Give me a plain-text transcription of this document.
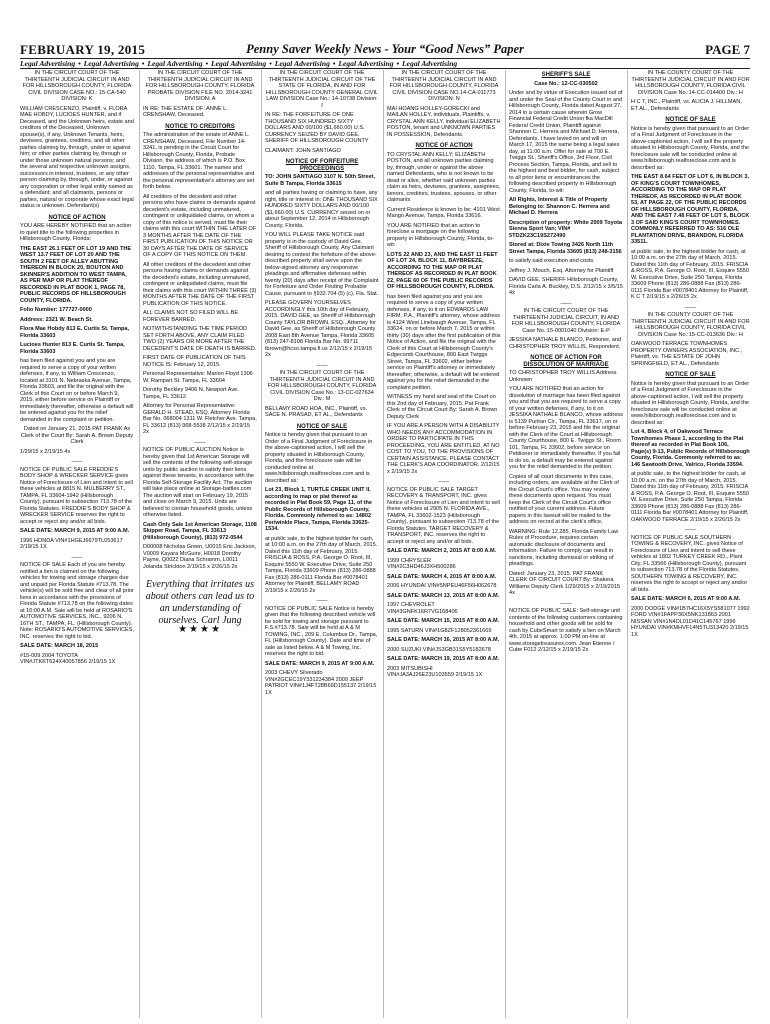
FEBRUARY 19, 2015	Penny Saver Weekly News - Your “Good News” Paper	PAGE 7
Legal Advertising • Legal Advertising • Legal Advertising • Legal Advertising • Legal Advertising • Legal Advertising • Legal Advertising

IN THE CIRCUIT COURT OF THE THIRTEENTH JUDICIAL CIRCUIT IN AND FOR HILLSBOROUGH COUNTY, FLORIDA CIVIL DIVISION CASE NO.: 15-CA-540 DIVISION: K

WILLIAM CRESCENZO, Plaintiff, v. FLORA MAE HOBDY, LUCIOES HUNTER, and if Deceased, and the Unknown heirs, estate and creditors of the Deceased, Unknown spouse(s), if any, Unknown Tenants, heirs, devisees, grantees, creditors, and all other parties claiming by, through, under or against him; or other parties claiming by, through or under those unknown natural persons; and the several and respective unknown assigns, successors in interest, trustees, or any other person claiming by, through, under, or against any corporation or other legal entity named as a defendant; and all claimants, persons or parties, natural or corporate whose exact legal status is unknown. Defendant(s)

NOTICE OF ACTION

YOU ARE HEREBY NOTIFIED that an action to quiet title to the following properties in Hillsborough County, Florida:

THE EAST 26.1 FEET OF LOT 19 AND THE WEST 13.7 FEET OF LOT 20 AND THE SOUTH 2 FEET OF ALLEY ABUTTING THEREON IN BLOCK 20, BOUTON AND SKINNER'S ADDITION TO WEST TAMPA, AS PER MAP OR PLAT THEREOF RECORDED IN PLAT BOOK 1, PAGE 78, PUBLIC RECORDS OF HILLSBOROUGH COUNTY, FLORIDA.

Folio Number: 177727-0000

Address: 2321 W. Beach St.

Flora Mae Hobdy 813 E. Curtis St. Tampa, Florida 33603

Lucioes Hunter 813 E. Curtis St. Tampa, Florida 33603

has been filed against you and you are required to serve a copy of your written defenses, if any, to William Crescenzo, located at 3101 N. Nebraska Avenue, Tampa, Florida 33603, and file the original with the Clerk of this Court on or before March 9, 2015, either before service on Plaintiff or immediately thereafter, otherwise a default will be entered against you for the relief demanded in the complaint or petition.

Dated on January 21, 2015 PAT FRANK As Clerk of the Court By: Sarah A. Brown Deputy Clerk

1/29/15 x 2/19/15 4x

——

NOTICE OF PUBLIC SALE FREDDIE'S BODY SHOP & WRECKER SERVICE gives Notice of Foreclosure of Lien and intent to sell these vehicles at 8815 N. MULBERRY ST., TAMPA, FL 33604-1942 (Hillsborough County), pursuant to subsection 713.78 of the Florida Statutes. FREDDIE'S BODY SHOP & WRECKER SERVICE reserves the right to accept or reject any and/or all bids.

SALE DATE: MARCH 9, 2015 AT 9:00 A.M.

1996 HONDA VIN#1HGEJ6679TL053617 2/19/15 1X

——

NOTICE OF SALE Each of you are hereby notified a lien is claimed on the following vehicles for towing and storage charges due and unpaid per Florida Statute #713.78. The vehicle(s) will be sold free and clear of all prior liens in accordance with the provisions of Florida Statute #713.78 on the following dates at 10:00 A.M. Sale will be held at ROSARIO'S AUTOMOTIVE SERVICES, INC., 9206 N. 16TH ST., TAMPA, FL. (Hillsborough County). Note: ROSARIO'S AUTOMOTIVE SERVICES, INC. reserves the right to bid.

SALE DATE: MARCH 18, 2015

#15-009 2004 TOYOTA VIN#JTKKT624X40057856 2/19/15 1X

IN THE CIRCUIT COURT OF THE THIRTEENTH JUDICIAL CIRCUIT IN AND FOR HILLSBOROUGH COUNTY, FLORIDA PROBATE DIVISION FILE NO. 2014-3241 DIVISION: A

IN RE: THE ESTATE OF: ANNE L. CRENSHAW, Deceased.

NOTICE TO CREDITORS

The administration of the estate of ANNE L. CRENSHAW, Deceased, File Number 14-3241, is pending in the Circuit Court for Hillsborough County, Florida, Probate Division, the address of which is P.O. Box 1110, Tampa, FL 33601. The names and addresses of the personal representative and the personal representative's attorney are set forth below.

All creditors of the decedent and other persons who have claims or demands against decedent's estate, including unmatured, contingent or unliquidated claims, on whom a copy of this notice is served, must file their claims with this court WITHIN THE LATER OF 3 MONTHS AFTER THE DATE OF THE FIRST PUBLICATION OF THIS NOTICE OR 30 DAYS AFTER THE DATE OF SERVICE OF A COPY OF THIS NOTICE ON THEM.

All other creditors of the decedent and other persons having claims or demands against the decedent's estate, including unmatured, contingent or unliquidated claims, must file their claims with this court WITHIN THREE (3) MONTHS AFTER THE DATE OF THE FIRST PUBLICATION OF THIS NOTICE.

ALL CLAIMS NOT SO FILED WILL BE FOREVER BARRED.

NOTWITHSTANDING THE TIME PERIOD SET FORTH ABOVE, ANY CLAIM FILED TWO (2) YEARS OR MORE AFTER THE DECEDENT'S DATE OF DEATH IS BARRED.

FIRST DATE OF PUBLICATION OF THIS NOTICE IS: February 12, 2015.

Personal Representative: Marion Floyd 1306 W. Rampart St. Tampa, FL 33604

Dorothy Beckley 9406 N. Newport Ave. Tampa, FL 33612

Attorney for Personal Representative: GERALD H. STEAD, ESQ. Attorney Florida Bar No. 068004 1311 W. Fletcher Ave. Tampa, FL 33612 (813) 968-5538 2/12/15 x 2/19/15 2x

——

NOTICE OF PUBLIC AUCTION Notice is hereby given that 1st American Storage will sell the contents of the following self-storage units by public auction to satisfy their liens against these tenants, in accordance with the Florida Self-Storage Facility Act. The auction will take place online at Storage-battles.com The auction will start on February 19, 2015 and close on March 9, 2015. Units are believed to contain household goods, unless otherwise listed.

Cash Only Sale 1st American Storage, 1108 Skipper Road, Tampa, FL 33613 (Hillsborough County), (813) 972-0544

D00008 Nicholas Green, U0015 Eric Jackson, V0009 Kayara McGuire, H0018 Dorothy Payne, Q0022 Diana Schramm, L0011 Jolanda Strickton 2/19/15 x 2/26/15 2x

Everything that irritates us about others can lead us to an understanding of ourselves. Carl Jung
★★★★

IN THE CIRCUIT COURT OF THE THIRTEENTH JUDICIAL CIRCUIT OF THE STATE OF FLORIDA, IN AND FOR HILLSBOROUGH COUNTY GENERAL CIVIL LAW DIVISION Case No.: 14-10738 Division: I

IN RE: THE FORFEITURE OF ONE THOUSAND SIX HUNDRED SIXTY DOLLARS AND 00/100 ($1,660.00) U.S. CURRENCY SEIZED BY DAVID GEE, SHERIFF OF HILLSBOROUGH COUNTY

CLAIMANT: JOHN SANTIAGO

NOTICE OF FORFEITURE PROCEEDINGS

TO: JOHN SANTIAGO 3107 N. 50th Street, Suite B Tampa, Florida 33615

and all parties having or claiming to have, any right, title or interest in: ONE THOUSAND SIX HUNDRED SIXTY DOLLARS AND 00/100 ($1,660.00) U.S. CURRENCY seized on or about September 12, 2014 in Hillsborough County, Florida.

YOU WILL PLEASE TAKE NOTICE said property is in the custody of David Gee, Sheriff of Hillsborough County. Any Claimant desiring to contest the forfeiture of the above-described property shall serve upon the below-signed attorney any responsive pleadings and affirmative defenses within twenty (20) days after receipt of the Complaint for Forfeiture and Order Finding Probable Cause, pursuant to §932.704 (5) (c), Fla. Stat.

PLEASE GOVERN YOURSELVES ACCORDINGLY this 10th day of February, 2015. DAVID GEE, as Sheriff of Hillsborough County TAYLOR BROWN, ESQ., Attorney for David Gee, as Sheriff of Hillsborough County 2008 East 8th Avenue Tampa, Florida 33605 (813) 247-8108 Florida Bar No. 99711 tbrown@hcso.tampa.fl.us 2/12/15 x 2/19/15 2x

——

IN THE CIRCUIT COURT OF THE THIRTEENTH JUDICIAL CIRCUIT IN AND FOR HILLSBOROUGH COUNTY, FLORIDA CIVIL DIVISION Case No.: 13-CC-027634 Div.: M

BELLAMY ROAD HOA, INC., Plaintiff, vs. SACE N. PRASAD, ET AL., Defendants

NOTICE OF SALE

Notice is hereby given that pursuant to an Order of a Final Judgment of Foreclosure in the above-captioned action, I will sell the property situated in Hillsborough County, Florida, and the foreclosure sale will be conducted online at www.hillsborough.realforeclose.com and is described as:

Lot 23, Block 1, TURTLE CREEK UNIT II, according to map or plat thereof as recorded in Plat Book 59, Page 11, of the Public Records of Hillsborough County, Florida. Commonly referred to as: 14802 Periwinkle Place, Tampa, Florida 33625-1534.

at public sale, to the highest bidder for cash, at 10:00 a.m. on the 27th day of March, 2015. Dated this 11th day of February, 2015. FRISCIA & ROSS, P.A. George O. Root, III, Esquire 5550 W. Executive Drive, Suite 250 Tampa, Florida 33609 Phone (813) 286-0888 Fax (813) 286-0111 Florida Bar #0078401 Attorney for Plaintiff, BELLAMY ROAD 2/19/15 x 2/26/15 2x

——

NOTICE OF PUBLIC SALE Notice is hereby given that the following described vehicle will be sold for towing and storage pursuant to F.S.#713.78. Sale will be held at A & M TOWING, INC., 209 E. Columbus Dr., Tampa, FL (Hillsborough County). Date and time of sale as listed below. A & M Towing, Inc. reserves the right to bid.

SALE DATE: MARCH 9, 2015 AT 9:00 A.M.

2003 CHEVY Silverado VIN#2GCEC19Y331234384 2009 JEEP PATRIOT VIN#1J4FT28B69D155137 2/19/15 1X

IN THE CIRCUIT COURT OF THE THIRTEENTH JUDICIAL CIRCUIT IN AND FOR HILLSBOROUGH COUNTY, FLORIDA CIVIL DIVISION CASE NO.14-CA-011773 DIVISION: N

MAI HOANG HOLLEY-GORECKI and MAILAN HOLLEY, individuals, Plaintiffs, v. CRYSTAL ANN KELLY, individual ELIZABETH POSTON, tenant and UNKNOWN PARTIES IN POSSESSION, Defendants.

NOTICE OF ACTION

TO CRYSTAL ANN KELLY; ELIZABETH POSTON, and all unknown parties claiming by, through, under or against the above named Defendants, who is not known to be dead or alive, whether said unknown parties claim as heirs, devisees, grantees, assignees, lienors, creditors, trustees, spouses, or other claimants

Current Residence is known to be: 4101 West Mango Avenue, Tampa, Florida 33616.

YOU ARE NOTIFIED that an action to foreclose a mortgage on the following property in Hillsborough County, Florida, to-wit:

LOTS 22 AND 23, AND THE EAST 11 FEET OF LOT 24, BLOCK 11, BAYBREEZE, ACCORDING TO THE MAP OR PLAT THEREOF AS RECORDED IN PLAT BOOK 22, PAGE 60 OF THE PUBLIC RECORDS OF HILLSBOROUGH COUNTY, FLORIDA.

has been filed against you and you are required to serve a copy of your written defenses, if any, to it on EDWARDS LAW FIRM, P.A., Plaintiff's attorney, whose address is 4124 West Linebaugh Avenue, Tampa, FL 33624, on or before March 7, 2015 or within thirty (30) days after the first publication of this Notice of Action, and file the original with the Clerk of this Court at Hillsborough County's Edgecomb Courthouse, 800 East Twiggs Street, Tampa, FL 33602, either before service on Plaintiff's attorney or immediately thereafter; otherwise, a default will be entered against you for the relief demanded in the complaint petition.

WITNESS my hand and seal of the Court on this 2nd day of February, 2015. Pat Frank Clerk of the Circuit Court By: Sarah A. Brown Deputy Clerk

IF YOU ARE A PERSON WITH A DISABILITY WHO NEEDS ANY ACCOMMODATION IN ORDER TO PARTICIPATE IN THIS PROCEEDING, YOU ARE ENTITLED, AT NO COST TO YOU, TO THE PROVISIONS OF CERTAIN ASSISTANCE. PLEASE CONTACT THE CLERK'S ADA COORDINATOR. 2/12/15 x 2/19/15 2x

——

NOTICE OF PUBLIC SALE TARGET RECOVERY & TRANSPORT, INC. gives Notice of Foreclosure of Lien and intent to sell these vehicles at 2905 N. FLORIDA AVE., TAMPA, FL 33602-1523 (Hillsborough County), pursuant to subsection 713.78 of the Florida Statutes. TARGET RECOVERY & TRANSPORT, INC. reserves the right to accept or reject any and/or all bids.

SALE DATE: MARCH 2, 2015 AT 8:00 A.M.

1999 CHRYSLER VIN#2C3HD46J3XH500286

SALE DATE: MARCH 4, 2015 AT 8:00 A.M.

2006 HYUNDAI VIN#5NPEU46F56H062678

SALE DATE: MARCH 13, 2015 AT 8:00 A.M.

1997 CHEVROLET VIN#3GNFK16R7VG168406

SALE DATE: MARCH 15, 2015 AT 8:00 A.M.

1995 SATURN VIN#1G8ZF128052361669

SALE DATE: MARCH 16, 2015 AT 8:00 A.M.

2000 SUZUKI VIN#JS3GB31S5Y5182678

SALE DATE: MARCH 19, 2015 AT 8:00 A.M.

2003 MITSUBISHI VIN#JA3AJ26E23U103559 2/19/15 1X

SHERIFF'S SALE

Case No.: 12-CC-030502

Under and by virtue of Execution issued out of and under the Seal of the County Court in and Hillsborough County, Florida dated August 27, 2014 in a certain cause wherein Grow Financial Federal Credit Union fka MacDill Federal Credit Union, Plaintiff against Shannon C. Herrera and Michael D. Herrera, Defendants. I have levied on and will on March 17, 2015 the same being a legal sales day, at 11:00 a.m. Offer for sale at 700 E. Twiggs St., Sheriff's Office, 3rd Floor, Civil Process Section, Tampa, Florida, and sell to the highest and best bidder, for cash, subject to all prior liens or encumbrances the following described property in Hillsborough County, Florida, to-wit:

All Rights, Interest & Title of Property Belonging to: Shannon C. Herrera and Michael D. Herrera

Description of property: White 2009 Toyota Sienna Sport Van; VIN# 5TDZK23C19S272490

Stored at: Dixie Towing 3426 North 11th Street Tampa, Florida 33605 (813) 248-3156

to satisfy said execution and costs.

Jeffrey J. Mouch, Esq. Attorney for Plaintiff

DAVID GEE, SHERIFF Hillsborough County, Florida Carla A. Buckley, D.S. 2/12/15 x 3/5/15 4x

——

IN THE CIRCUIT COURT OF THE THIRTEENTH JUDICIAL CIRCUIT, IN AND FOR HILLSBOROUGH COUNTY, FLORIDA Case No.:15-0001040 Division: E-P

JESSIKA NATHALE BLANCO, Petitioner, and CHRISTOPHER TROY WILLIS, Respondent.

NOTICE OF ACTION FOR DISSOLUTION OF MARRIAGE

TO CHRISTOPHER TROY WILLIS Address Unknown

YOU ARE NOTIFIED that an action for dissolution of marriage has been filed against you and that you are required to serve a copy of your written defenses, if any, to it on JESSIKA NATHALE BLANCO, whose address is 5139 Puritan Cir., Tampa, FL 33617, on or before February 23, 2015 and file the original with the Clerk of the Court at Hillsborough County Courthouse, 800 E. Twiggs St., Room 101, Tampa, FL 33602, before service on Petitioner or immediately thereafter. If you fail to do so, a default may be entered against you for the relief demanded in the petition.

Copies of all court documents in this case, including orders, are available at the Clerk of the Circuit Court's office. You may review these documents upon request. You must keep the Clerk of the Circuit Court's office notified of your current address. Future papers in this lawsuit will be mailed to the address on record at the clerk's office.

WARNING: Rule 12.285, Florida Family Law Rules of Procedure, requires certain automatic disclosure of documents and information. Failure to comply can result in sanctions, including dismissal or striking of pleadings.

Dated: January 23, 2015. PAT FRANK CLERK OF CIRCUIT COURT By: Shakera Williams Deputy Clerk 1/29/2015 x 2/19/2015 4x

——

NOTICE OF PUBLIC SALE: Self-storage unit contents of the following customers containing household and other goods will be sold for cash by CubeSmart to satisfy a lien on March 4th, 2015 at approx. 1:00 PM on-line at www.storagetreasures.com. Jean Etienne / Cube F012 2/12/15 x 2/19/15 2x

IN THE COUNTY COURT OF THE THIRTEENTH JUDICIAL CIRCUIT IN AND FOR HILLSBOROUGH COUNTY, FLORIDA CIVIL DIVISION Case No.:14-CC-014400 Div.: H

H C T, INC., Plaintiff, vs. ALICIA J. HILLMAN, ET AL., Defendants

NOTICE OF SALE

Notice is hereby given that pursuant to an Order of a Final Judgment of Foreclosure in the above-captioned action, I will sell the property situated in Hillsborough County, Florida, and the foreclosure sale will be conducted online at www.hillsborough.realforeclose.com and is described as:

THE EAST 8.64 FEET OF LOT 6, IN BLOCK 3, OF KING'S COURT TOWNHOMES, ACCORDING TO THE MAP OR PLAT THEREOF, AS RECORDED IN PLAT BOOK 53, AT PAGE 22, OF THE PUBLIC RECORDS OF HILLSBOROUGH COUNTY, FLORIDA, AND THE EAST 7.48 FEET OF LOT 5, BLOCK 3 OF SAID KING'S COURT TOWNHOMES. COMMONLY REFERRED TO AS: 516 OLE PLANTATION DRIVE, BRANDON, FLORIDA 33511.

at public sale, to the highest bidder for cash, at 10:00 a.m. on the 27th day of March, 2015. Dated this 11th day of February, 2015. FRISCIA & ROSS, P.A. George O. Root, III, Esquire 5550 W. Executive Drive, Suite 250 Tampa, Florida 33609 Phone (813) 286-0888 Fax (813) 286-0111 Florida Bar #0078401 Attorney for Plaintiff, K C T 2/19/15 x 2/26/15 2x

——

IN THE COUNTY COURT OF THE THIRTEENTH JUDICIAL CIRCUIT IN AND FOR HILLSBOROUGH COUNTY, FLORIDA CIVIL DIVISION Case No.:15-CC-013636 Div.: H

OAKWOOD TERRACE TOWNHOMES PROPERTY OWNERS ASSOCIATION, INC., Plaintiff, vs. THE ESTATE OF JOHN SPRINGFIELD, ET AL., Defendants

NOTICE OF SALE

Notice is hereby given that pursuant to an Order of a Final Judgment of Foreclosure in the above-captioned action, I will sell the property situated in Hillsborough County, Florida, and the foreclosure sale will be conducted online at www.hillsborough.realforeclose.com and is described as:

Lot 4, Block 4, of Oakwood Terrace Townhomes Phase 1, according to the Plat thereof as recorded in Plat Book 106, Page(s) 9-13, Public Records of Hillsborough County, Florida. Commonly referred to as: 146 Sawtooth Drive, Valrico, Florida 33594.

at public sale, to the highest bidder for cash, at 10:00 a.m. on the 27th day of March, 2015. Dated this 11th day of February, 2015. FRISCIA & ROSS, P.A. George O. Root, III, Esquire 5550 W. Executive Drive, Suite 250 Tampa, Florida 33609 Phone (813) 286-0888 Fax (813) 286-0111 Florida Bar #0078401 Attorney for Plaintiff, OAKWOOD TERRACE 2/19/15 x 2/26/15 2x

——

NOTICE OF PUBLIC SALE SOUTHERN TOWING & RECOVERY, INC. gives Notice of Foreclosure of Lien and intent to sell these vehicles at 1802 TURKEY CREEK RD., Plant City, FL 33566 (Hillsborough County), pursuant to subsection 713.78 of the Florida Statutes. SOUTHERN TOWING & RECOVERY, INC. reserves the right to accept or reject any and/or all bids.

SALE DATE: MARCH 6, 2015 AT 9:00 A.M.

2000 DODGE VIN#1B7HC16X5YS581077 1992 FORD VIN#1FAPP36X5NK131863 2001 NISSAN VIN#1N4DL01D41C145767 1996 HYUNDAI VIN#KMHVF14N5TU313420 2/19/15 1X
